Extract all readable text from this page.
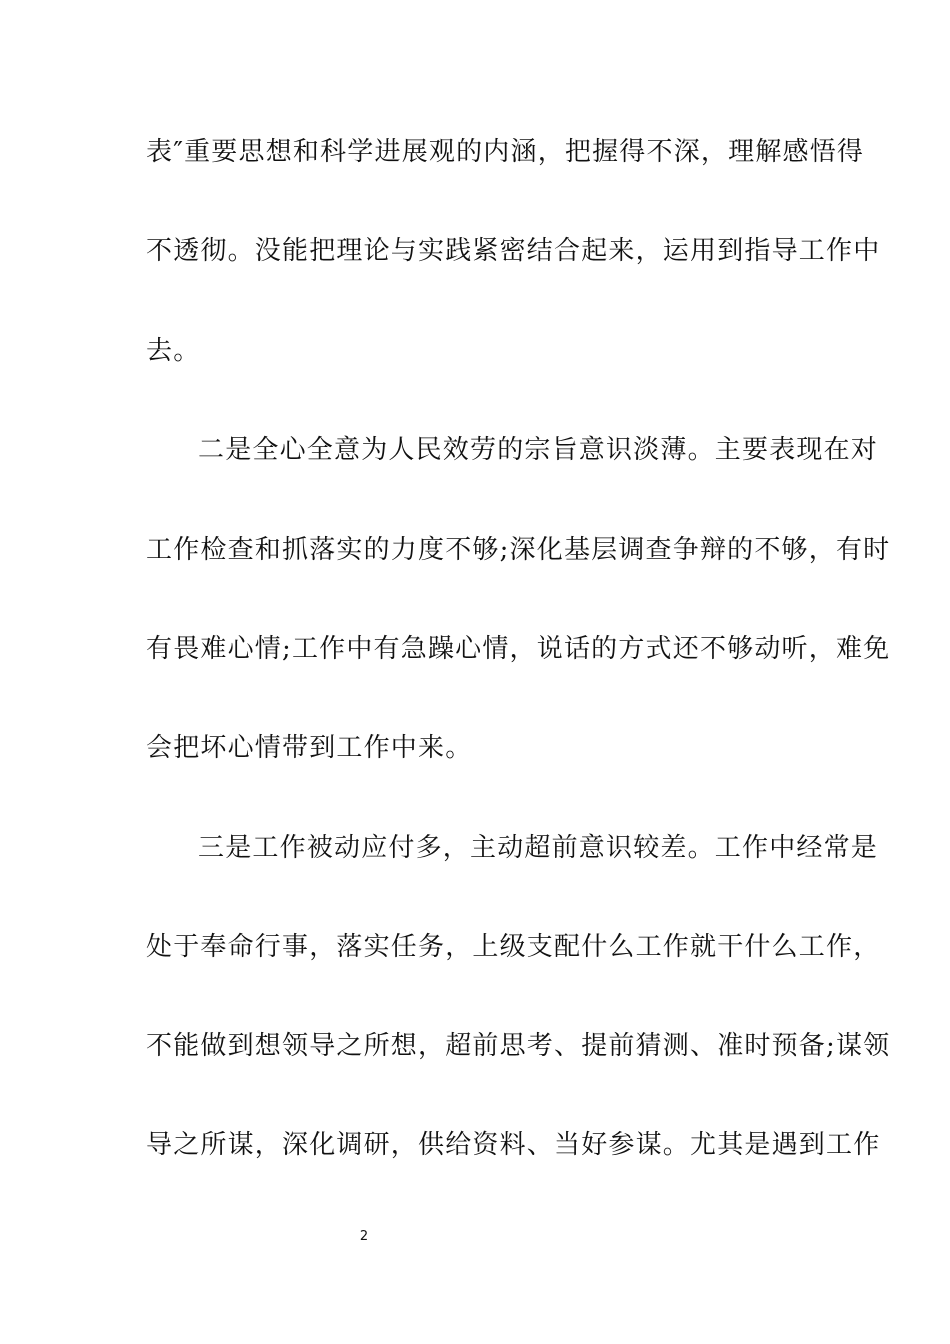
表″重要思想和科学进展观的内涵，把握得不深，理解感悟得
不透彻。没能把理论与实践紧密结合起来，运用到指导工作中
去。
二是全心全意为人民效劳的宗旨意识淡薄。主要表现在对
工作检查和抓落实的力度不够;深化基层调查争辩的不够，有时
有畏难心情;工作中有急躁心情，说话的方式还不够动听，难免
会把坏心情带到工作中来。
三是工作被动应付多，主动超前意识较差。工作中经常是
处于奉命行事，落实任务，上级支配什么工作就干什么工作，
不能做到想领导之所想，超前思考、提前猜测、准时预备;谋领
导之所谋，深化调研，供给资料、当好参谋。尤其是遇到工作
2
